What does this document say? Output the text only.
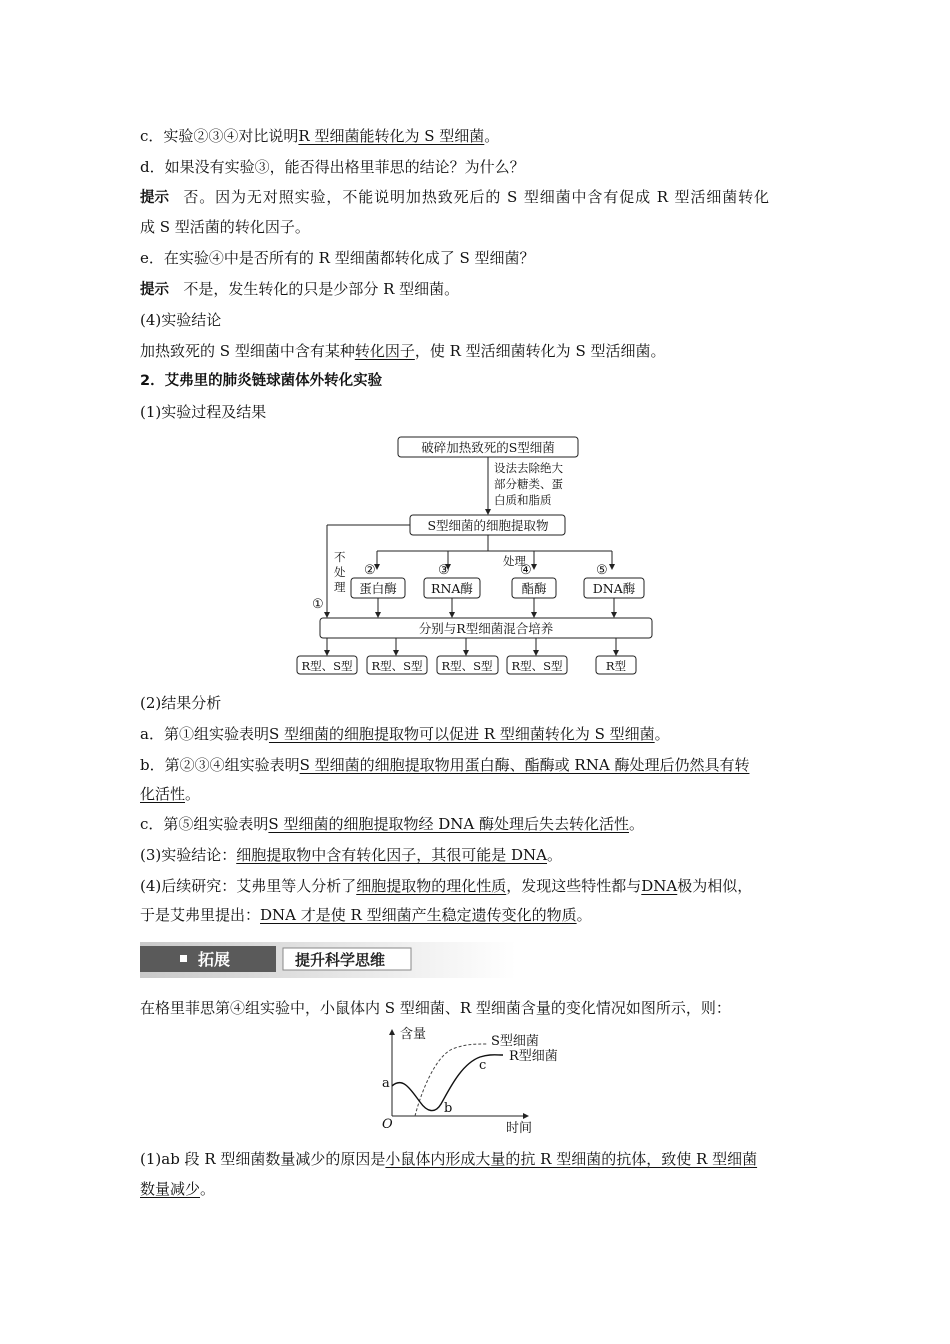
c．实验②③④对比说明R 型细菌能转化为 S 型细菌。
d．如果没有实验③，能否得出格里菲思的结论？为什么？
提示 否。因为无对照实验，不能说明加热致死后的 S 型细菌中含有促成 R 型活细菌转化
成 S 型活菌的转化因子。
e．在实验④中是否所有的 R 型细菌都转化成了 S 型细菌？
提示 不是，发生转化的只是少部分 R 型细菌。
(4)实验结论
加热致死的 S 型细菌中含有某种转化因子，使 R 型活细菌转化为 S 型活细菌。
2．艾弗里的肺炎链球菌体外转化实验
(1)实验过程及结果
破碎加热致死的S型细菌
设法去除绝大
部分糖类、蛋
白质和脂质
S型细菌的细胞提取物
处理
不
处
理
①
②	③	④	⑤
蛋白酶	RNA酶	酯酶	DNA酶
分别与R型细菌混合培养
R型、S型 R型、S型 R型、S型 R型、S型	R型
(2)结果分析
a．第①组实验表明S 型细菌的细胞提取物可以促进 R 型细菌转化为 S 型细菌。
b．第②③④组实验表明S 型细菌的细胞提取物用蛋白酶、酯酶或 RNA 酶处理后仍然具有转
化活性。
c．第⑤组实验表明S 型细菌的细胞提取物经 DNA 酶处理后失去转化活性。
(3)实验结论：细胞提取物中含有转化因子，其很可能是 DNA。
(4)后续研究：艾弗里等人分析了细胞提取物的理化性质，发现这些特性都与DNA极为相似，
于是艾弗里提出：DNA 才是使 R 型细菌产生稳定遗传变化的物质。
拓展	提升科学思维
在格里菲思第④组实验中，小鼠体内 S 型细菌、R 型细菌含量的变化情况如图所示，则：
含量
时间
O
S型细菌
R型细菌
a
b
c
(1)ab 段 R 型细菌数量减少的原因是小鼠体内形成大量的抗 R 型细菌的抗体，致使 R 型细菌
数量减少。
